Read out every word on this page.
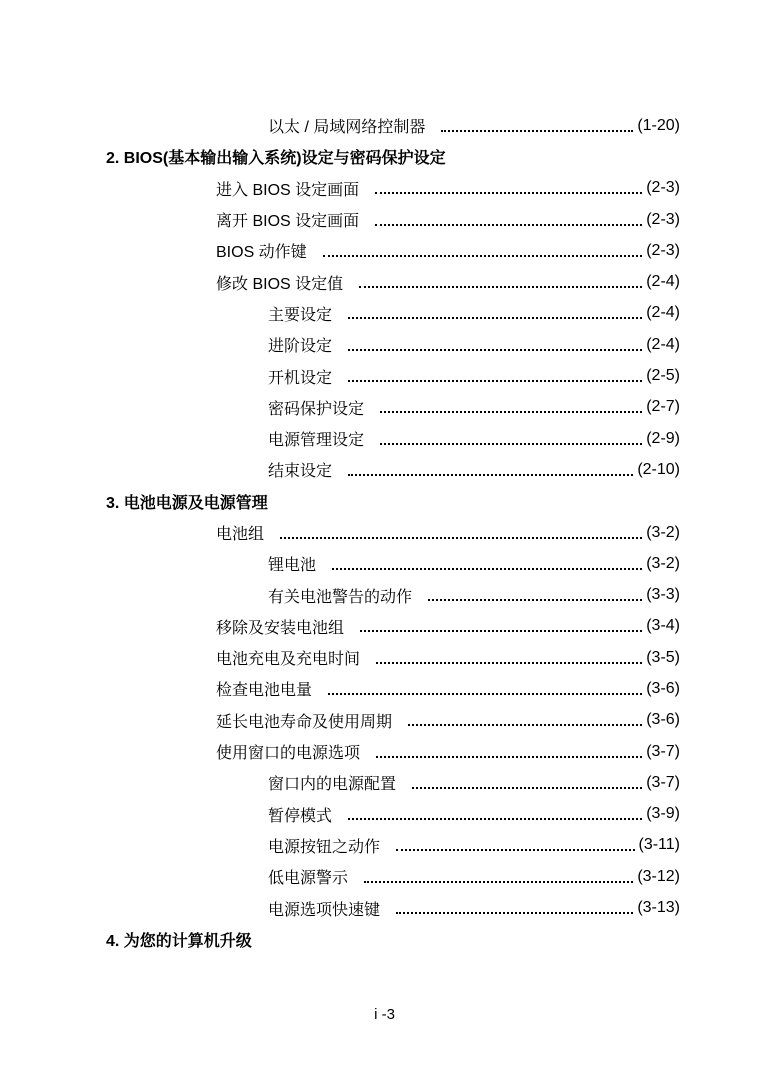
以太 / 局域网络控制器	(1-20)
2. BIOS(基本输出输入系统)设定与密码保护设定
进入 BIOS 设定画面	(2-3)
离开 BIOS 设定画面	(2-3)
BIOS 动作键	(2-3)
修改 BIOS 设定值	(2-4)
主要设定	(2-4)
进阶设定	(2-4)
开机设定	(2-5)
密码保护设定	(2-7)
电源管理设定	(2-9)
结束设定	(2-10)
3. 电池电源及电源管理
电池组	(3-2)
锂电池	(3-2)
有关电池警告的动作	(3-3)
移除及安装电池组	(3-4)
电池充电及充电时间	(3-5)
检查电池电量	(3-6)
延长电池寿命及使用周期	(3-6)
使用窗口的电源选项	(3-7)
窗口内的电源配置	(3-7)
暂停模式	(3-9)
电源按钮之动作	(3-11)
低电源警示	(3-12)
电源选项快速键	(3-13)
4. 为您的计算机升级
i -3
